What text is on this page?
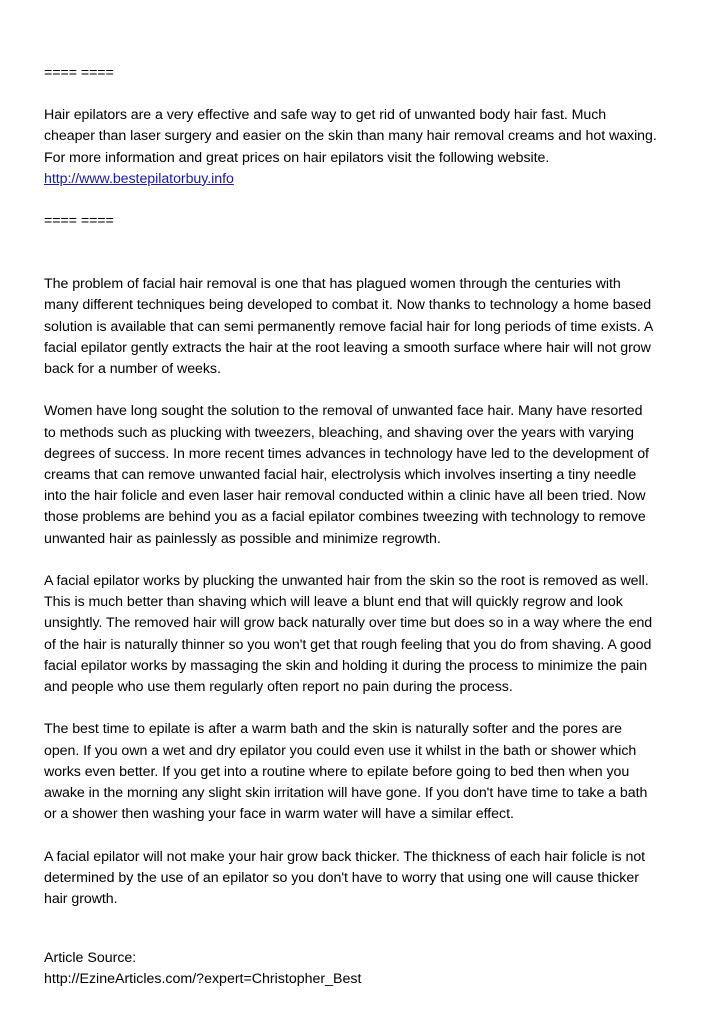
==== ====

Hair epilators are a very effective and safe way to get rid of unwanted body hair fast. Much

cheaper than laser surgery and easier on the skin than many hair removal creams and hot waxing.

For more information and great prices on hair epilators visit the following website.

http://www.bestepilatorbuy.info

==== ====

The problem of facial hair removal is one that has plagued women through the centuries with

many different techniques being developed to combat it. Now thanks to technology a home based

solution is available that can semi permanently remove facial hair for long periods of time exists. A

facial epilator gently extracts the hair at the root leaving a smooth surface where hair will not grow

back for a number of weeks.

Women have long sought the solution to the removal of unwanted face hair. Many have resorted

to methods such as plucking with tweezers, bleaching, and shaving over the years with varying

degrees of success. In more recent times advances in technology have led to the development of

creams that can remove unwanted facial hair, electrolysis which involves inserting a tiny needle

into the hair folicle and even laser hair removal conducted within a clinic have all been tried. Now

those problems are behind you as a facial epilator combines tweezing with technology to remove

unwanted hair as painlessly as possible and minimize regrowth.

A facial epilator works by plucking the unwanted hair from the skin so the root is removed as well.

This is much better than shaving which will leave a blunt end that will quickly regrow and look

unsightly. The removed hair will grow back naturally over time but does so in a way where the end

of the hair is naturally thinner so you won't get that rough feeling that you do from shaving. A good

facial epilator works by massaging the skin and holding it during the process to minimize the pain

and people who use them regularly often report no pain during the process.

The best time to epilate is after a warm bath and the skin is naturally softer and the pores are

open. If you own a wet and dry epilator you could even use it whilst in the bath or shower which

works even better. If you get into a routine where to epilate before going to bed then when you

awake in the morning any slight skin irritation will have gone. If you don't have time to take a bath

or a shower then washing your face in warm water will have a similar effect.

A facial epilator will not make your hair grow back thicker. The thickness of each hair folicle is not

determined by the use of an epilator so you don't have to worry that using one will cause thicker

hair growth.

Article Source:

http://EzineArticles.com/?expert=Christopher_Best
